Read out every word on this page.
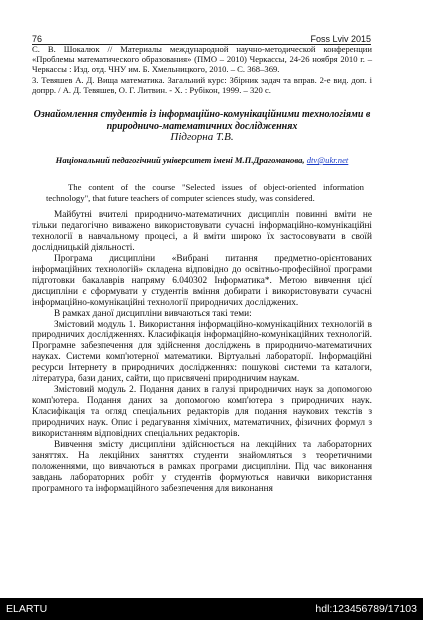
76	Foss Lviv 2015

С. В. Шокалюк // Материалы международной научно-методической конференции «Проблемы математического образования» (ПМО – 2010) Черкассы, 24-26 ноября 2010 г. – Черкассы : Изд. отд. ЧНУ им. Б. Хмельницкого, 2010. – С. 368–369.

3. Тевяшев А. Д. Вища математика. Загальний курс: Збірник задач та вправ. 2-е вид. доп. і допрр. / А. Д. Тевяшев, О. Г. Литвин. - Х. : Рубікон, 1999. – 320 с.

Ознайомлення студентів із інформаційно-комунікаційними технологіями в природничо-математичних дослідженнях
Підгорна Т.В.
Національний педагогічний університет імені М.П.Драгоманова, dtv@ukr.net

The content of the course "Selected issues of object-oriented information technology", that future teachers of computer sciences study, was considered.

Майбутні вчителі природничо-математичних дисциплін повинні вміти не тільки педагогічно виважено використовувати сучасні інформаційно-комунікаційні технології в навчальному процесі, а й вміти широко їх застосовувати в своїй дослідницькій діяльності.

Програма дисципліни «Вибрані питання предметно-орієнтованих інформаційних технологій» складена відповідно до освітньо-професійної програми підготовки бакалаврів напряму 6.040302 Інформатика*. Метою вивчення цієї дисципліни є сформувати у студентів вміння добирати і використовувати сучасні інформаційно-комунікаційні технології природничих досліджених.

В рамках даної дисципліни вивчаються такі теми:

Змістовий модуль 1. Використання інформаційно-комунікаційних технологій в природничих дослідженнях. Класифікація інформаційно-комунікаційних технологій. Програмне забезпечення для здійснення досліджень в природничо-математичних науках. Системи комп'ютерної математики. Віртуальні лабораторії. Інформаційні ресурси Інтернету в природничих дослідженнях: пошукові системи та каталоги, література, бази даних, сайти, що присвячені природничим наукам.

Змістовий модуль 2. Подання даних в галузі природничих наук за допомогою комп'ютера. Подання даних за допомогою комп'ютера з природничих наук. Класифікація та огляд спеціальних редакторів для подання наукових текстів з природничих наук. Опис і редагування хімічних, математичних, фізичних формул з використанням відповідних спеціальних редакторів.

Вивчення змісту дисципліни здійснюється на лекційних та лабораторних заняттях. На лекційних заняттях студенти знайомляться з теоретичними положеннями, що вивчаються в рамках програми дисципліни. Під час виконання завдань лабораторних робіт у студентів формуються навички використання програмного та інформаційного забезпечення для виконання

ELARTU	hdl:123456789/17103
